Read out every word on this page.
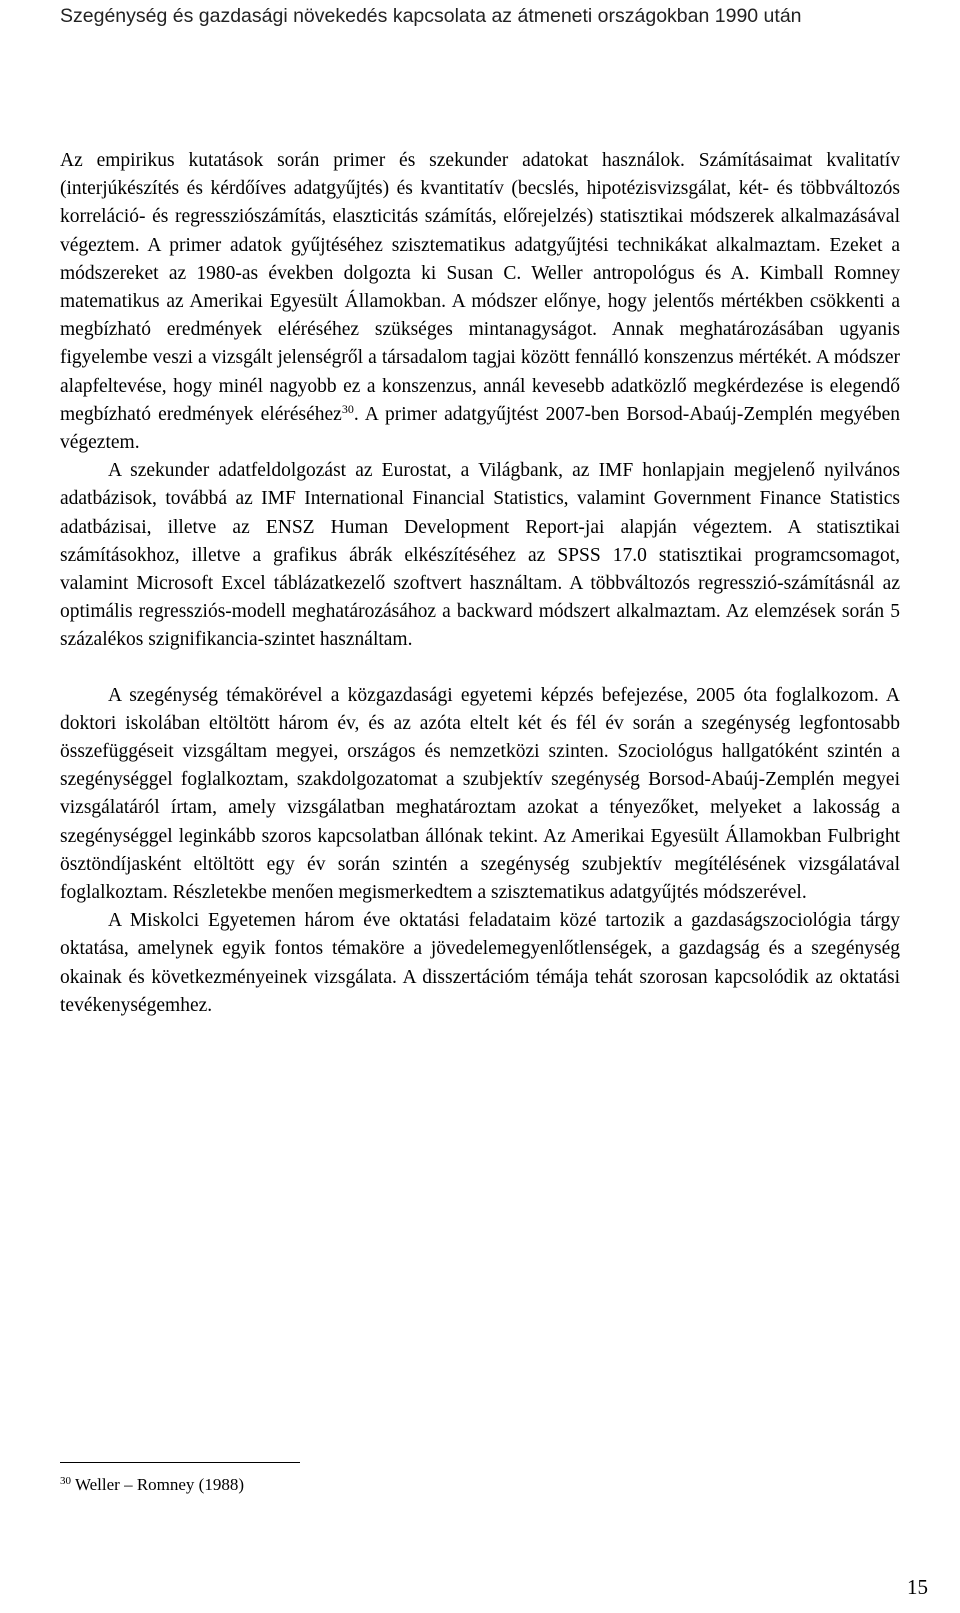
Szegénység és gazdasági növekedés kapcsolata az átmeneti országokban 1990 után

Az empirikus kutatások során primer és szekunder adatokat használok. Számításaimat kvalitatív (interjúkészítés és kérdőíves adatgyűjtés) és kvantitatív (becslés, hipotézisvizsgálat, két- és többváltozós korreláció- és regressziószámítás, elaszticitás számítás, előrejelzés) statisztikai módszerek alkalmazásával végeztem. A primer adatok gyűjtéséhez szisztematikus adatgyűjtési technikákat alkalmaztam. Ezeket a módszereket az 1980-as években dolgozta ki Susan C. Weller antropológus és A. Kimball Romney matematikus az Amerikai Egyesült Államokban. A módszer előnye, hogy jelentős mértékben csökkenti a megbízható eredmények eléréséhez szükséges mintanagyságot. Annak meghatározásában ugyanis figyelembe veszi a vizsgált jelenségről a társadalom tagjai között fennálló konszenzus mértékét. A módszer alapfeltevése, hogy minél nagyobb ez a konszenzus, annál kevesebb adatközlő megkérdezése is elegendő megbízható eredmények eléréséhez$^{30}$. A primer adatgyűjtést 2007-ben Borsod-Abaúj-Zemplén megyében végeztem.

A szekunder adatfeldolgozást az Eurostat, a Világbank, az IMF honlapjain megjelenő nyilvános adatbázisok, továbbá az IMF International Financial Statistics, valamint Government Finance Statistics adatbázisai, illetve az ENSZ Human Development Report-jai alapján végeztem. A statisztikai számításokhoz, illetve a grafikus ábrák elkészítéséhez az SPSS 17.0 statisztikai programcsomagot, valamint Microsoft Excel táblázatkezelő szoftvert használtam. A többváltozós regresszió-számításnál az optimális regressziós-modell meghatározásához a backward módszert alkalmaztam. Az elemzések során 5 százalékos szignifikancia-szintet használtam.

A szegénység témakörével a közgazdasági egyetemi képzés befejezése, 2005 óta foglalkozom. A doktori iskolában eltöltött három év, és az azóta eltelt két és fél év során a szegénység legfontosabb összefüggéseit vizsgáltam megyei, országos és nemzetközi szinten. Szociológus hallgatóként szintén a szegénységgel foglalkoztam, szakdolgozatomat a szubjektív szegénység Borsod-Abaúj-Zemplén megyei vizsgálatáról írtam, amely vizsgálatban meghatároztam azokat a tényezőket, melyeket a lakosság a szegénységgel leginkább szoros kapcsolatban állónak tekint. Az Amerikai Egyesült Államokban Fulbright ösztöndíjasként eltöltött egy év során szintén a szegénység szubjektív megítélésének vizsgálatával foglalkoztam. Részletekbe menően megismerkedtem a szisztematikus adatgyűjtés módszerével.

A Miskolci Egyetemen három éve oktatási feladataim közé tartozik a gazdaságszociológia tárgy oktatása, amelynek egyik fontos témaköre a jövedelemegyenlőtlenségek, a gazdagság és a szegénység okainak és következményeinek vizsgálata. A disszertációm témája tehát szorosan kapcsolódik az oktatási tevékenységemhez.

$^{30}$ Weller – Romney (1988)
15
